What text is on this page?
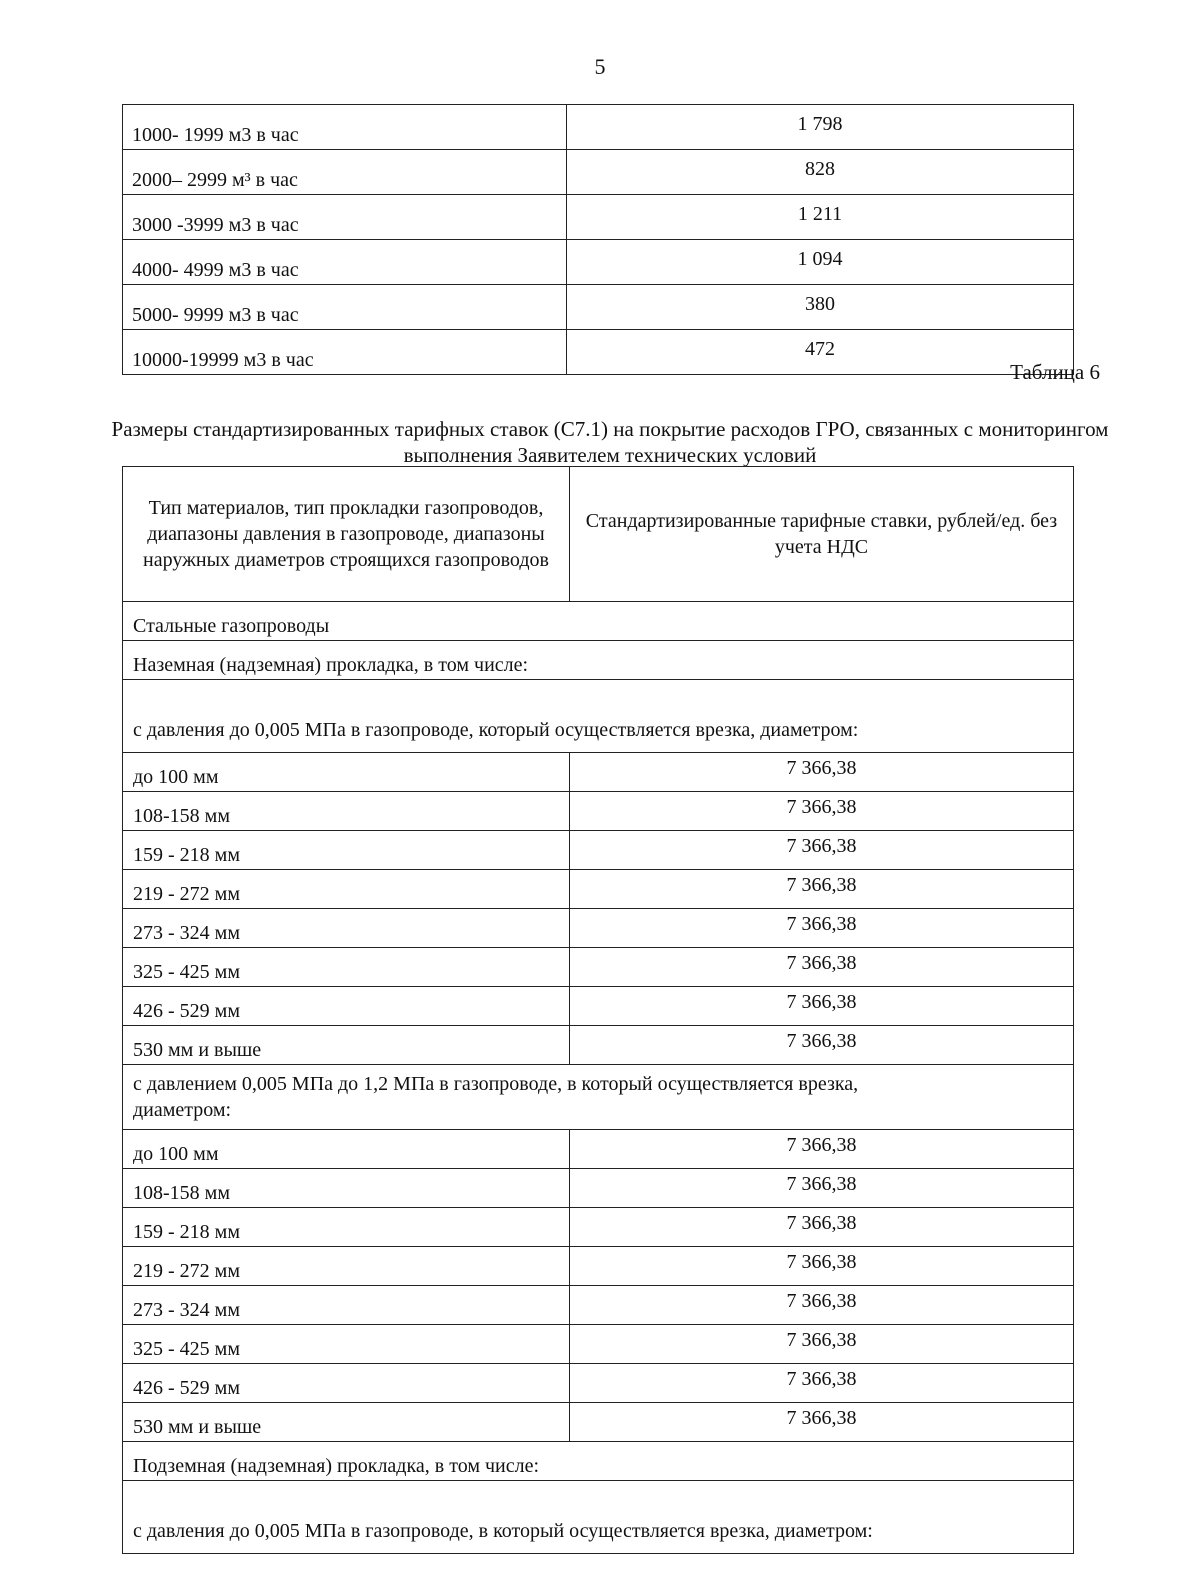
5
1000- 1999 м3 в час	1 798
2000– 2999 м³ в час	828
3000 -3999 м3 в час	1 211
4000- 4999 м3 в час	1 094
5000- 9999 м3 в час	380
10000-19999 м3 в час	472
Таблица 6
Размеры стандартизированных тарифных ставок (С7.1) на покрытие расходов ГРО, связанных с мониторингом выполнения Заявителем технических условий
Тип материалов, тип прокладки газопроводов, диапазоны давления в газопроводе, диапазоны наружных диаметров строящихся газопроводов	Стандартизированные тарифные ставки, рублей/ед. без учета НДС
Стальные газопроводы	
Наземная (надземная) прокладка, в том числе:	
с давления до 0,005 МПа в газопроводе, который осуществляется врезка, диаметром:	
до 100 мм	7 366,38
108-158 мм	7 366,38
159 - 218 мм	7 366,38
219 - 272 мм	7 366,38
273 - 324 мм	7 366,38
325 - 425 мм	7 366,38
426 - 529 мм	7 366,38
530 мм и выше	7 366,38

с давлением 0,005 МПа до 1,2 МПа в газопроводе, в который осуществляется врезка,
диаметром:	

до 100 мм	7 366,38
108-158 мм	7 366,38
159 - 218 мм	7 366,38
219 - 272 мм	7 366,38
273 - 324 мм	7 366,38
325 - 425 мм	7 366,38
426 - 529 мм	7 366,38
530 мм и выше	7 366,38
Подземная (надземная) прокладка, в том числе:	
с давления до 0,005 МПа в газопроводе, в который осуществляется врезка, диаметром:	
